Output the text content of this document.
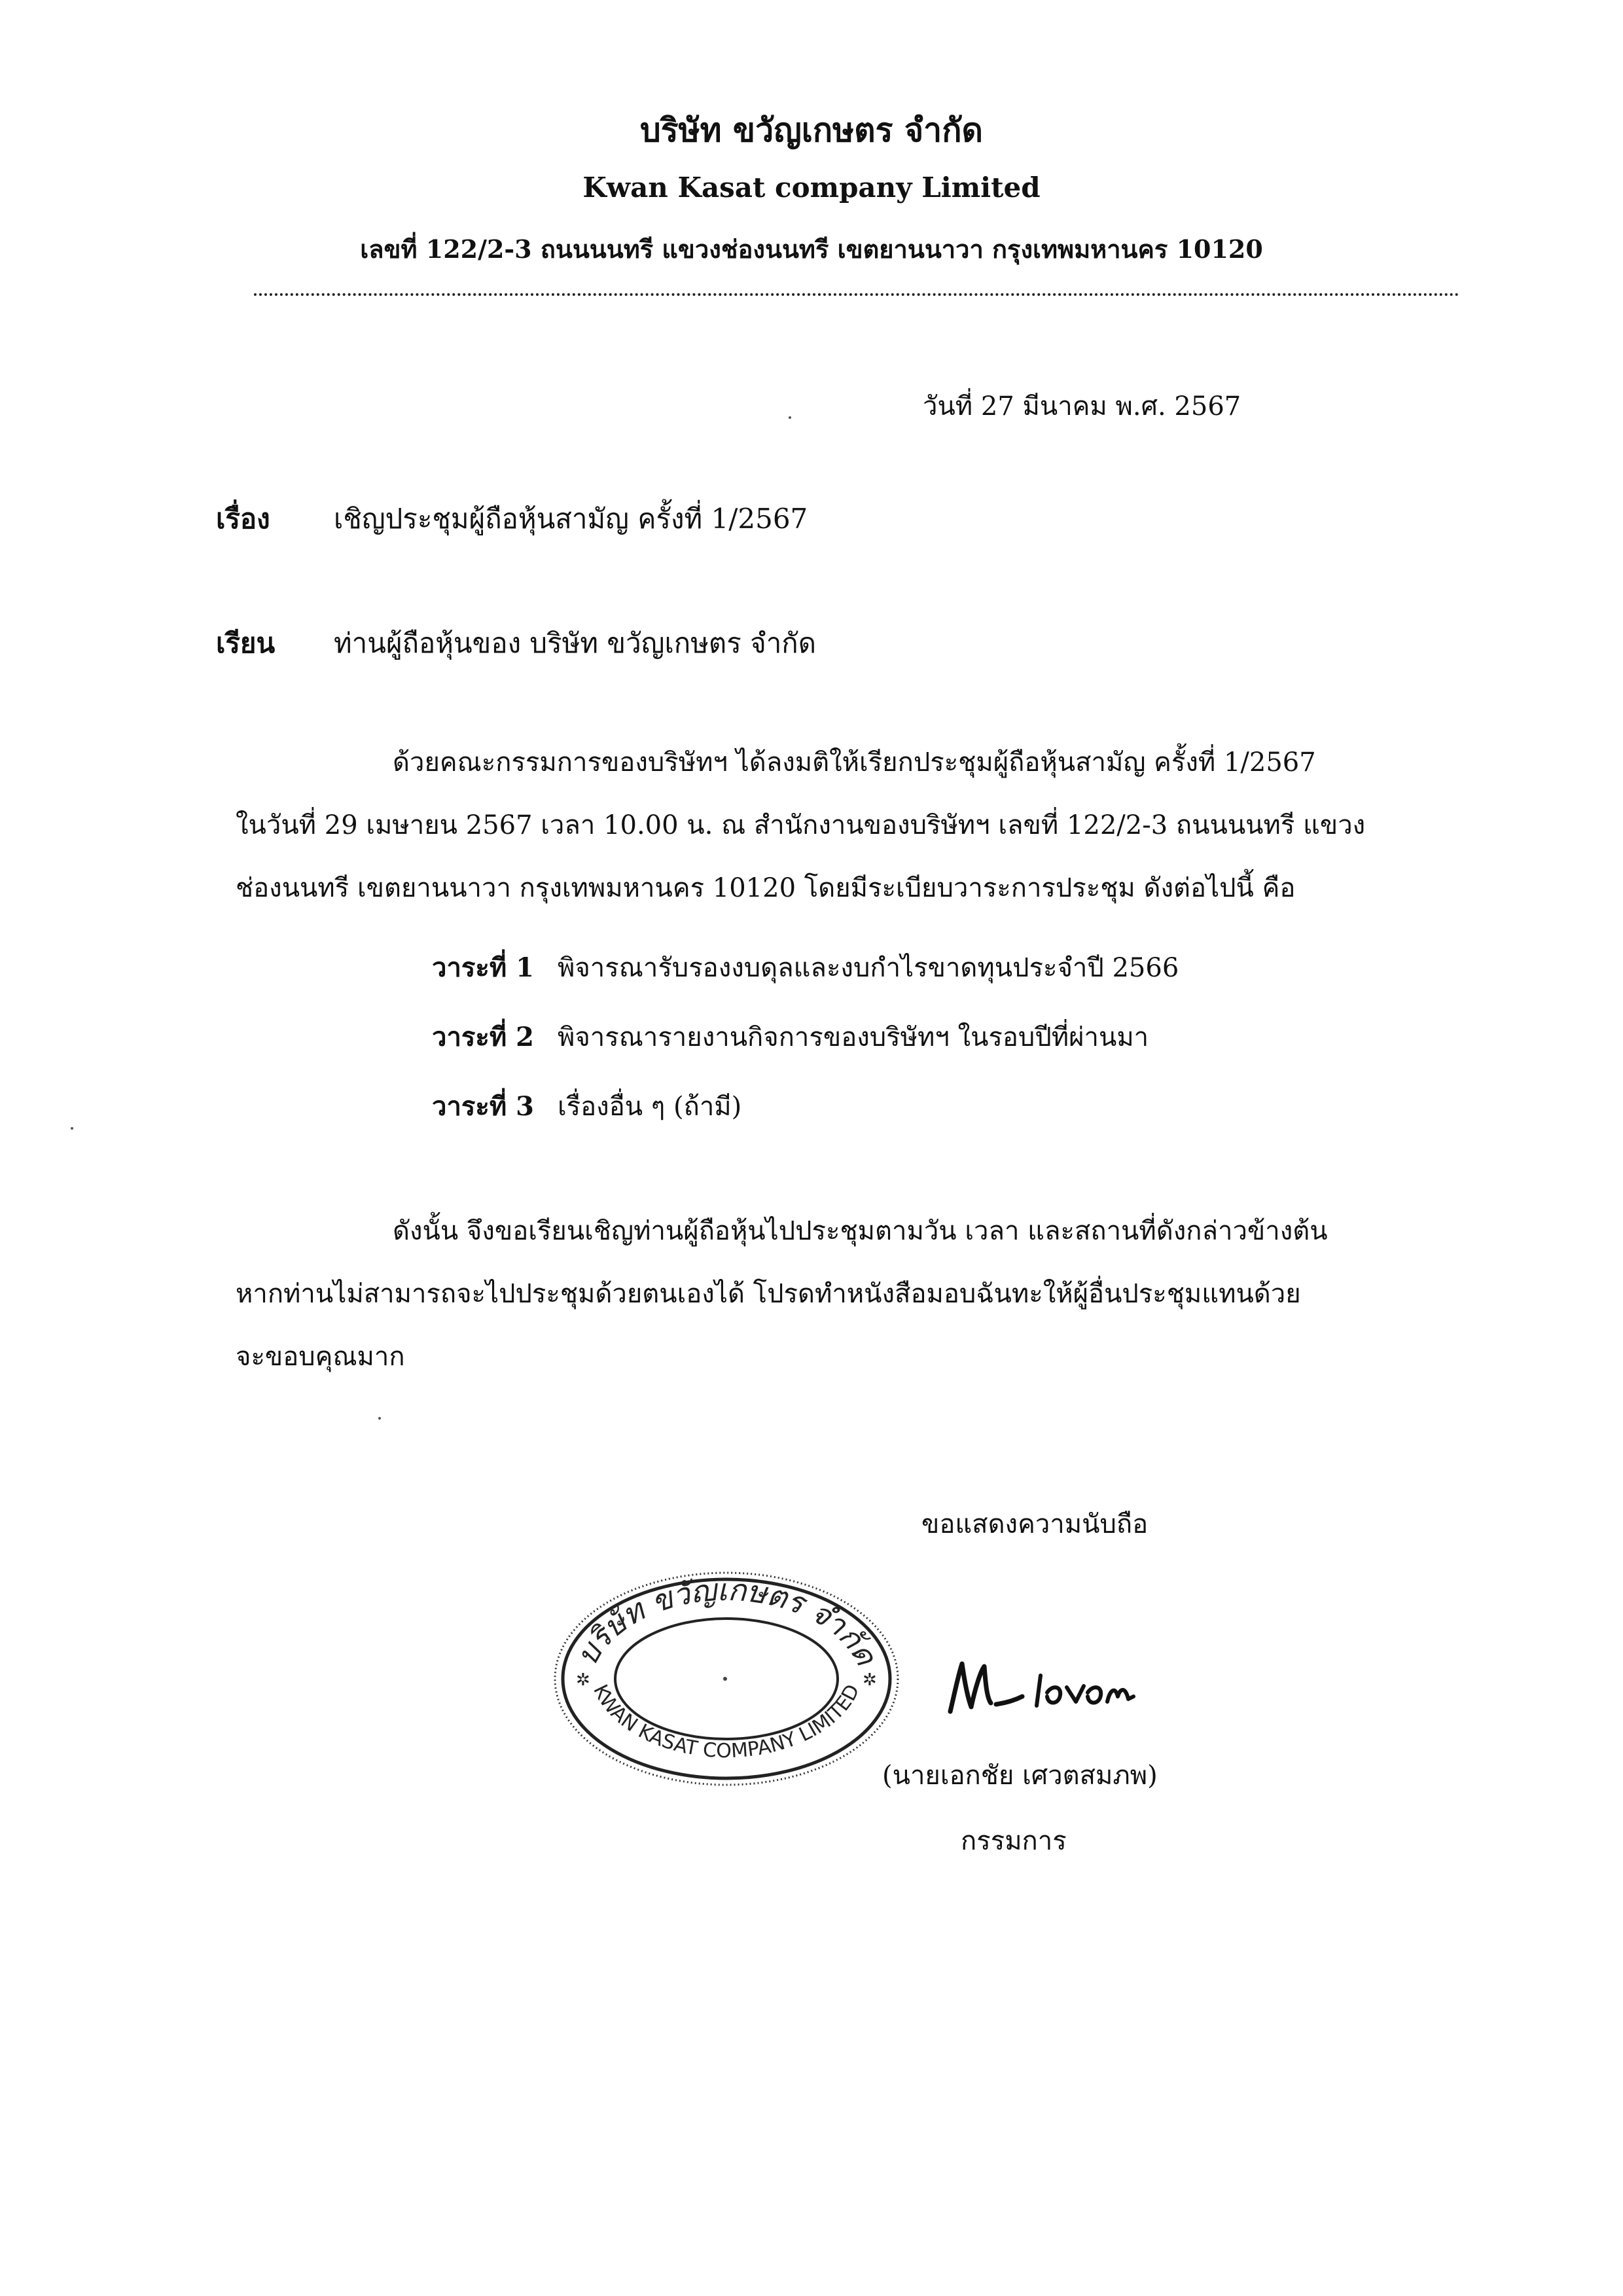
บริษัท ขวัญเกษตร จำกัด
Kwan Kasat company Limited
เลขที่ 122/2-3 ถนนนนทรี แขวงช่องนนทรี เขตยานนาวา กรุงเทพมหานคร 10120
วันที่ 27 มีนาคม พ.ศ. 2567
เรื่อง เชิญประชุมผู้ถือหุ้นสามัญ ครั้งที่ 1/2567
เรียน ท่านผู้ถือหุ้นของ บริษัท ขวัญเกษตร จำกัด
ด้วยคณะกรรมการของบริษัทฯ ได้ลงมติให้เรียกประชุมผู้ถือหุ้นสามัญ ครั้งที่ 1/2567
ในวันที่ 29 เมษายน 2567 เวลา 10.00 น. ณ สำนักงานของบริษัทฯ เลขที่ 122/2-3 ถนนนนทรี แขวง
ช่องนนทรี เขตยานนาวา กรุงเทพมหานคร 10120 โดยมีระเบียบวาระการประชุม ดังต่อไปนี้ คือ
วาระที่ 1 พิจารณารับรองงบดุลและงบกำไรขาดทุนประจำปี 2566
วาระที่ 2 พิจารณารายงานกิจการของบริษัทฯ ในรอบปีที่ผ่านมา
วาระที่ 3 เรื่องอื่น ๆ (ถ้ามี)
ดังนั้น จึงขอเรียนเชิญท่านผู้ถือหุ้นไปประชุมตามวัน เวลา และสถานที่ดังกล่าวข้างต้น
หากท่านไม่สามารถจะไปประชุมด้วยตนเองได้ โปรดทำหนังสือมอบฉันทะให้ผู้อื่นประชุมแทนด้วย
จะขอบคุณมาก
ขอแสดงความนับถือ
บริษัท ขวัญเกษตร จำกัด
KWAN KASAT COMPANY LIMITED
✲	✲
(นายเอกชัย เศวตสมภพ)
กรรมการ
